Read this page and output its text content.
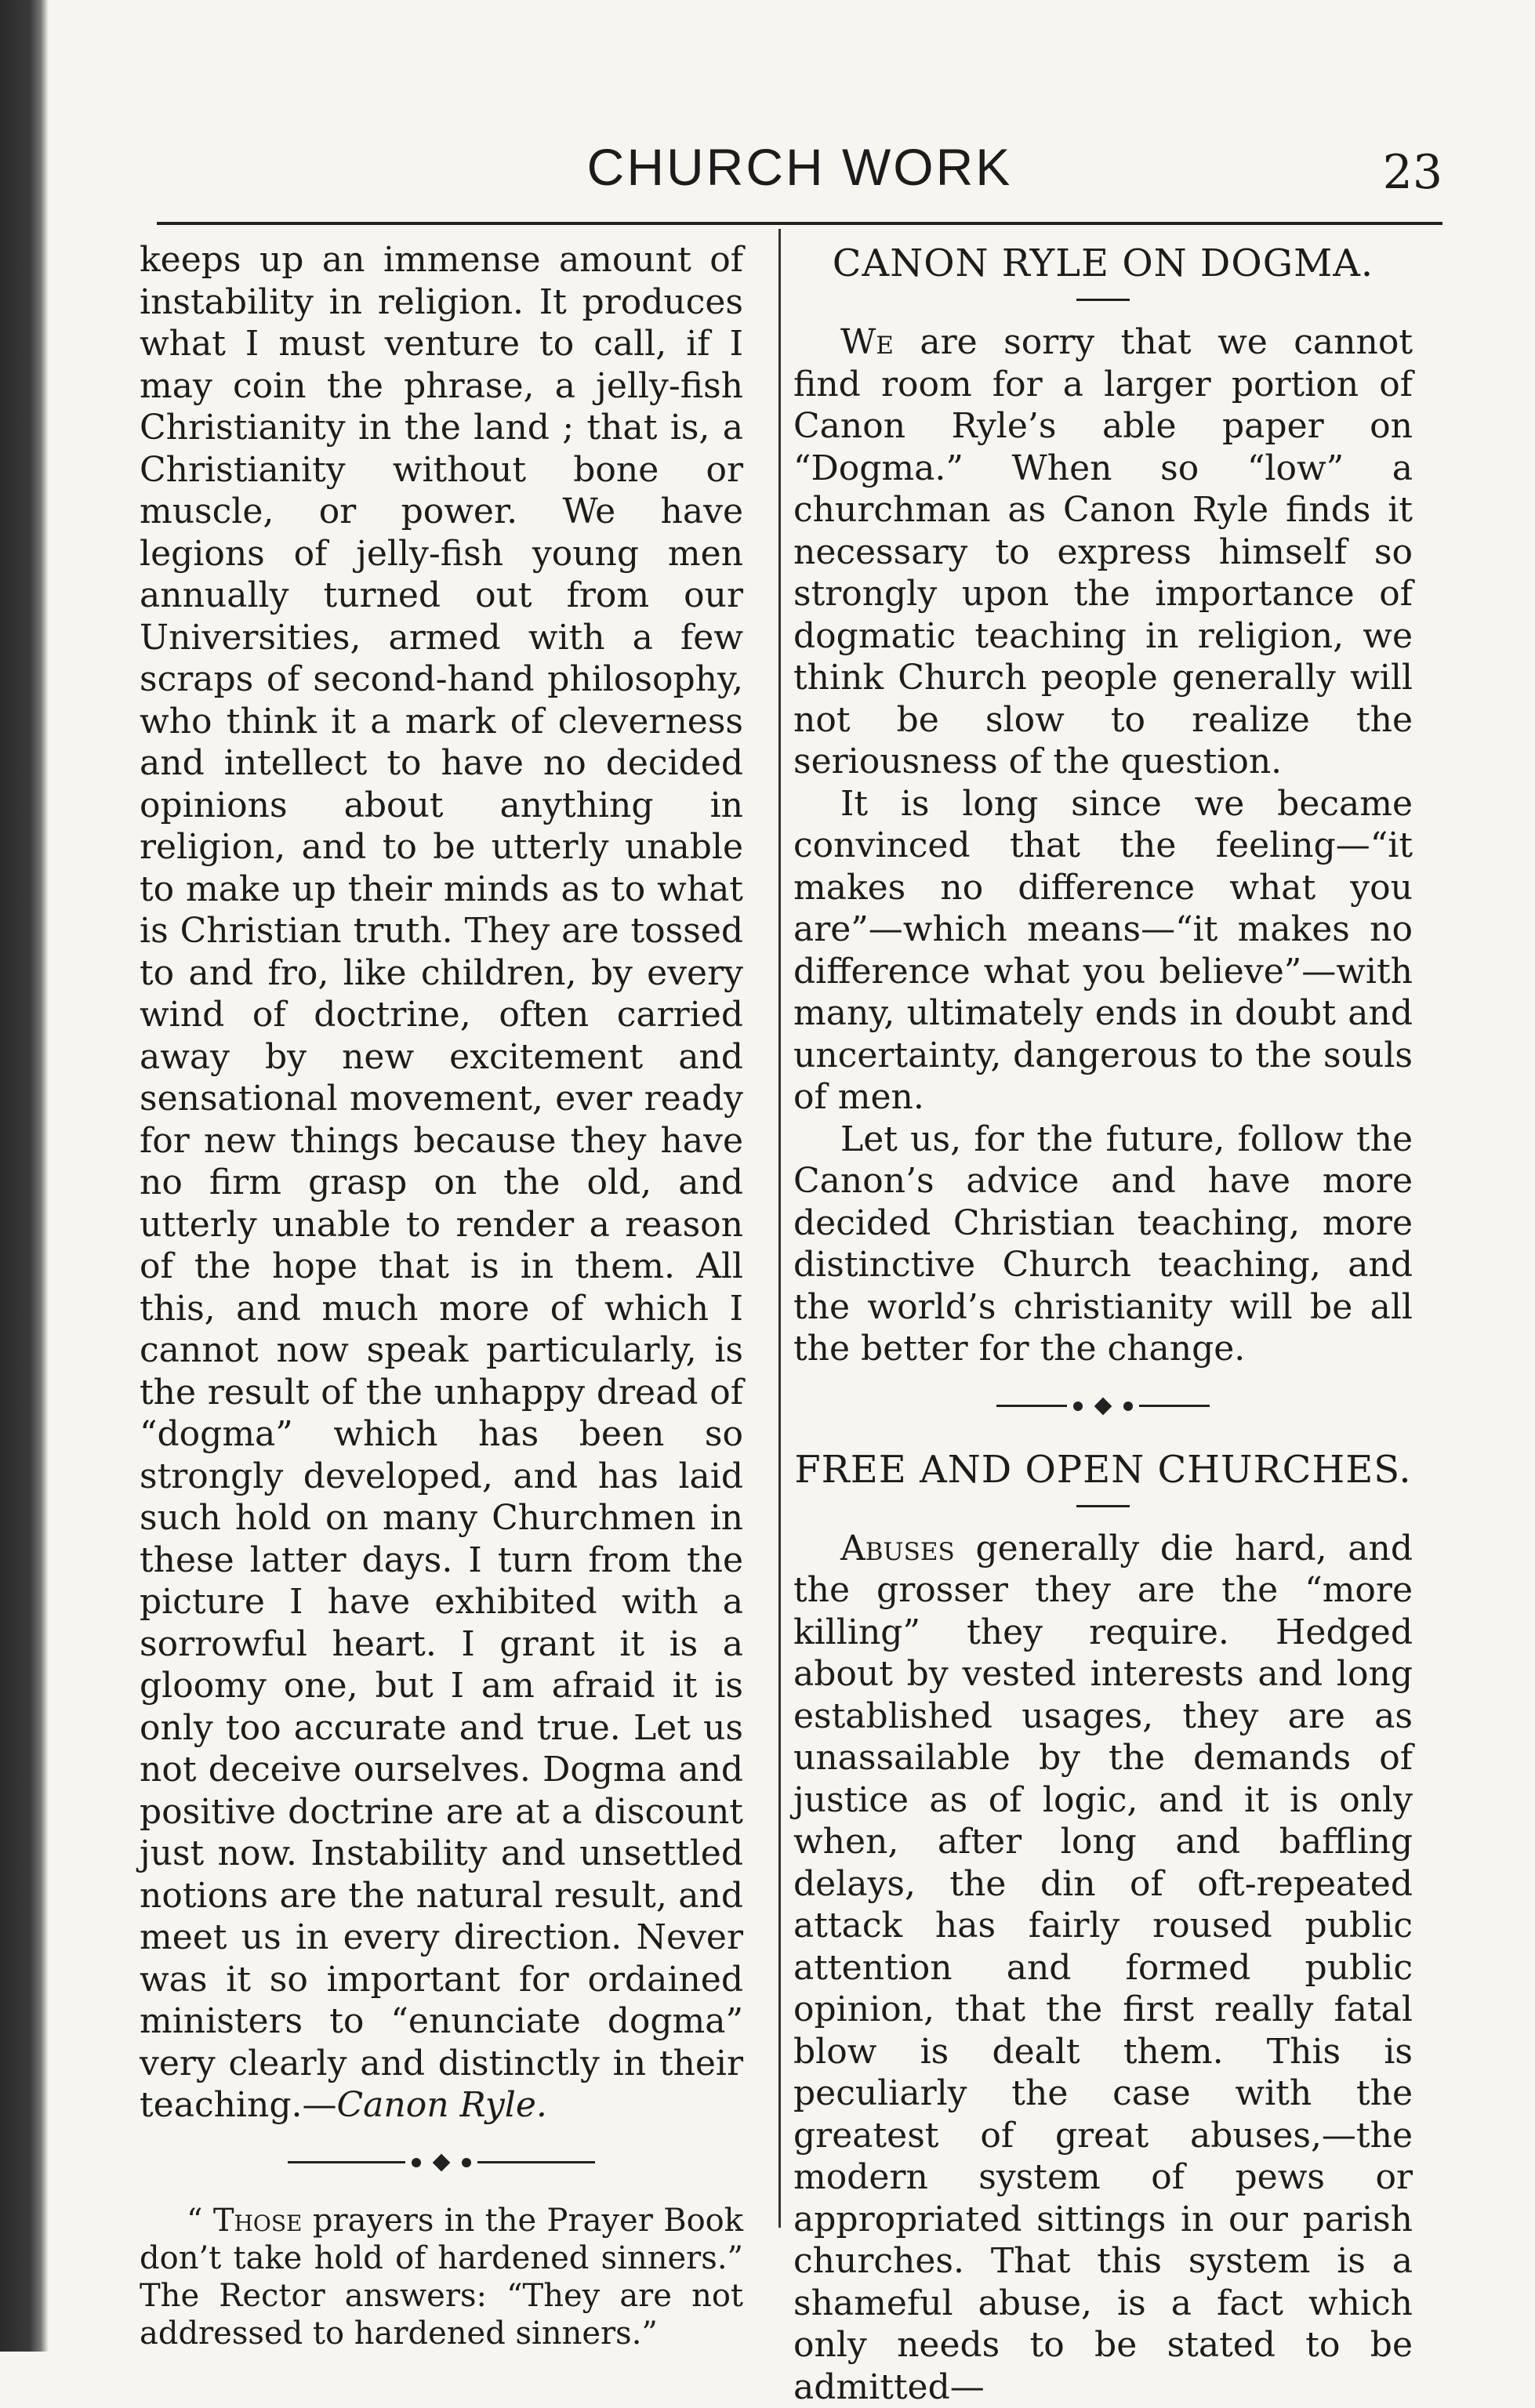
CHURCH WORK	23

keeps up an immense amount of instability in religion. It produces what I must venture to call, if I may coin the phrase, a jelly-fish Christianity in the land ; that is, a Christianity without bone or muscle, or power. We have legions of jelly-fish young men annually turned out from our Universities, armed with a few scraps of second-hand philosophy, who think it a mark of cleverness and intellect to have no decided opinions about anything in religion, and to be utterly unable to make up their minds as to what is Christian truth. They are tossed to and fro, like children, by every wind of doctrine, often carried away by new excitement and sensational movement, ever ready for new things because they have no firm grasp on the old, and utterly unable to render a reason of the hope that is in them. All this, and much more of which I cannot now speak particularly, is the result of the unhappy dread of “dogma” which has been so strongly developed, and has laid such hold on many Churchmen in these latter days. I turn from the picture I have exhibited with a sorrowful heart. I grant it is a gloomy one, but I am afraid it is only too accurate and true. Let us not deceive ourselves. Dogma and positive doctrine are at a discount just now. Instability and unsettled notions are the natural result, and meet us in every direction. Never was it so important for ordained ministers to “enunciate dogma” very clearly and distinctly in their teaching.—Canon Ryle.

“ Those prayers in the Prayer Book don’t take hold of hardened sinners.” The Rector answers: “They are not addressed to hardened sinners.”

CANON RYLE ON DOGMA.

We are sorry that we cannot find room for a larger portion of Canon Ryle’s able paper on “Dogma.” When so “low” a churchman as Canon Ryle finds it necessary to express himself so strongly upon the importance of dogmatic teaching in religion, we think Church people generally will not be slow to realize the seriousness of the question.

It is long since we became convinced that the feeling—“it makes no difference what you are”—which means—“it makes no difference what you believe”—with many, ultimately ends in doubt and uncertainty, dangerous to the souls of men.

Let us, for the future, follow the Canon’s advice and have more decided Christian teaching, more distinctive Church teaching, and the world’s christianity will be all the better for the change.

FREE AND OPEN CHURCHES.

Abuses generally die hard, and the grosser they are the “more killing” they require. Hedged about by vested interests and long established usages, they are as unassailable by the demands of justice as of logic, and it is only when, after long and baffling delays, the din of oft-repeated attack has fairly roused public attention and formed public opinion, that the first really fatal blow is dealt them. This is peculiarly the case with the greatest of great abuses,—the modern system of pews or appropriated sittings in our parish churches. That this system is a shameful abuse, is a fact which only needs to be stated to be admitted—
